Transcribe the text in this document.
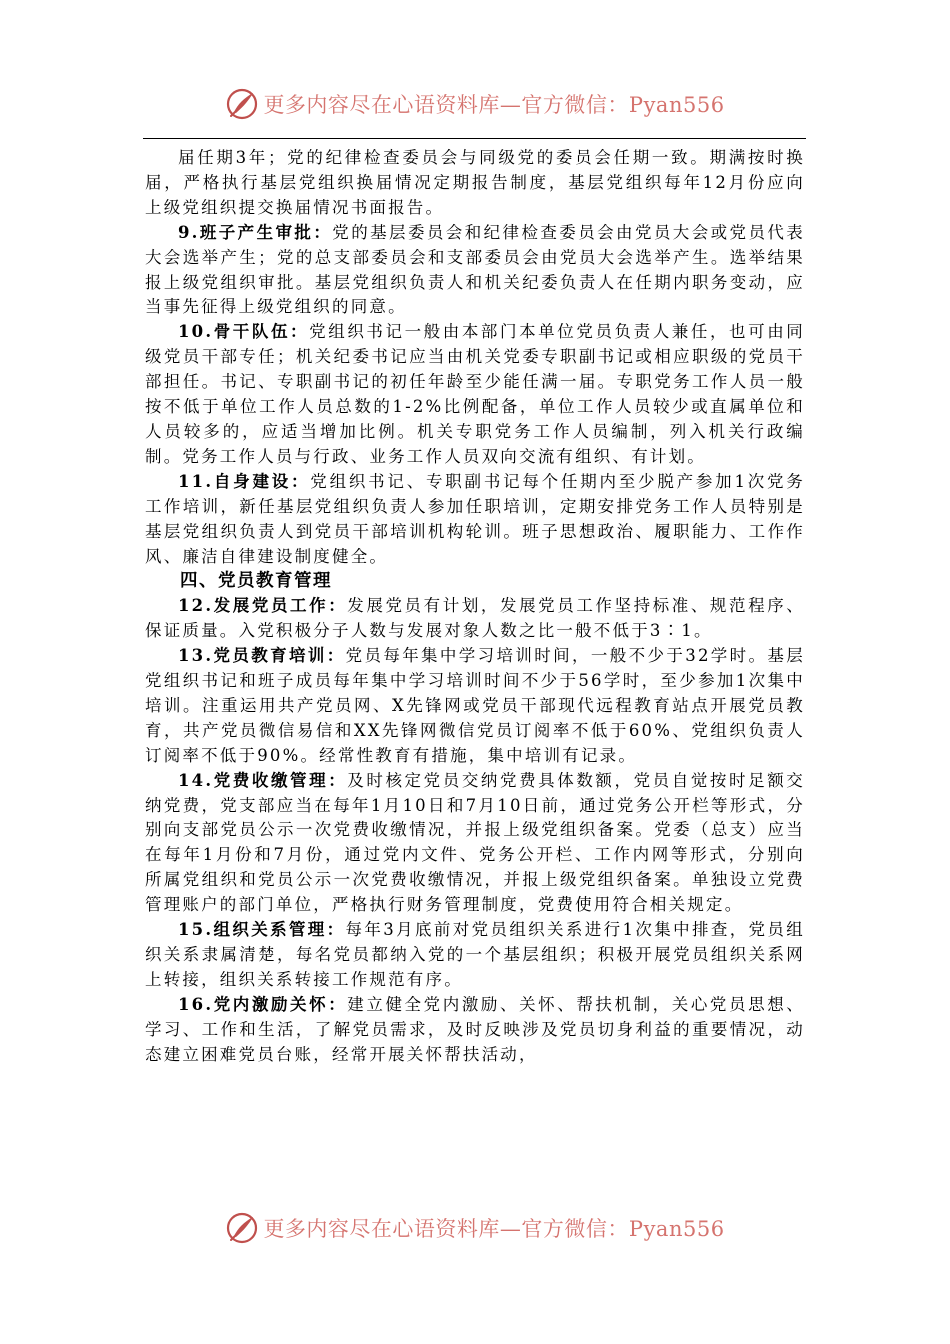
更多内容尽在心语资料库—官方微信：Pyan556

届任期3年；党的纪律检查委员会与同级党的委员会任期一致。期满按时换届，严格执行基层党组织换届情况定期报告制度，基层党组织每年12月份应向上级党组织提交换届情况书面报告。

9.班子产生审批：党的基层委员会和纪律检查委员会由党员大会或党员代表大会选举产生；党的总支部委员会和支部委员会由党员大会选举产生。选举结果报上级党组织审批。基层党组织负责人和机关纪委负责人在任期内职务变动，应当事先征得上级党组织的同意。

10.骨干队伍：党组织书记一般由本部门本单位党员负责人兼任，也可由同级党员干部专任；机关纪委书记应当由机关党委专职副书记或相应职级的党员干部担任。书记、专职副书记的初任年龄至少能任满一届。专职党务工作人员一般按不低于单位工作人员总数的1-2%比例配备，单位工作人员较少或直属单位和人员较多的，应适当增加比例。机关专职党务工作人员编制，列入机关行政编制。党务工作人员与行政、业务工作人员双向交流有组织、有计划。

11.自身建设：党组织书记、专职副书记每个任期内至少脱产参加1次党务工作培训，新任基层党组织负责人参加任职培训，定期安排党务工作人员特别是基层党组织负责人到党员干部培训机构轮训。班子思想政治、履职能力、工作作风、廉洁自律建设制度健全。

四、党员教育管理

12.发展党员工作：发展党员有计划，发展党员工作坚持标准、规范程序、保证质量。入党积极分子人数与发展对象人数之比一般不低于3∶1。

13.党员教育培训：党员每年集中学习培训时间，一般不少于32学时。基层党组织书记和班子成员每年集中学习培训时间不少于56学时，至少参加1次集中培训。注重运用共产党员网、X先锋网或党员干部现代远程教育站点开展党员教育，共产党员微信易信和XX先锋网微信党员订阅率不低于60%、党组织负责人订阅率不低于90%。经常性教育有措施，集中培训有记录。

14.党费收缴管理：及时核定党员交纳党费具体数额，党员自觉按时足额交纳党费，党支部应当在每年1月10日和7月10日前，通过党务公开栏等形式，分别向支部党员公示一次党费收缴情况，并报上级党组织备案。党委（总支）应当在每年1月份和7月份，通过党内文件、党务公开栏、工作内网等形式，分别向所属党组织和党员公示一次党费收缴情况，并报上级党组织备案。单独设立党费管理账户的部门单位，严格执行财务管理制度，党费使用符合相关规定。

15.组织关系管理：每年3月底前对党员组织关系进行1次集中排查，党员组织关系隶属清楚，每名党员都纳入党的一个基层组织；积极开展党员组织关系网上转接，组织关系转接工作规范有序。

16.党内激励关怀：建立健全党内激励、关怀、帮扶机制，关心党员思想、学习、工作和生活，了解党员需求，及时反映涉及党员切身利益的重要情况，动态建立困难党员台账，经常开展关怀帮扶活动，

更多内容尽在心语资料库—官方微信：Pyan556
